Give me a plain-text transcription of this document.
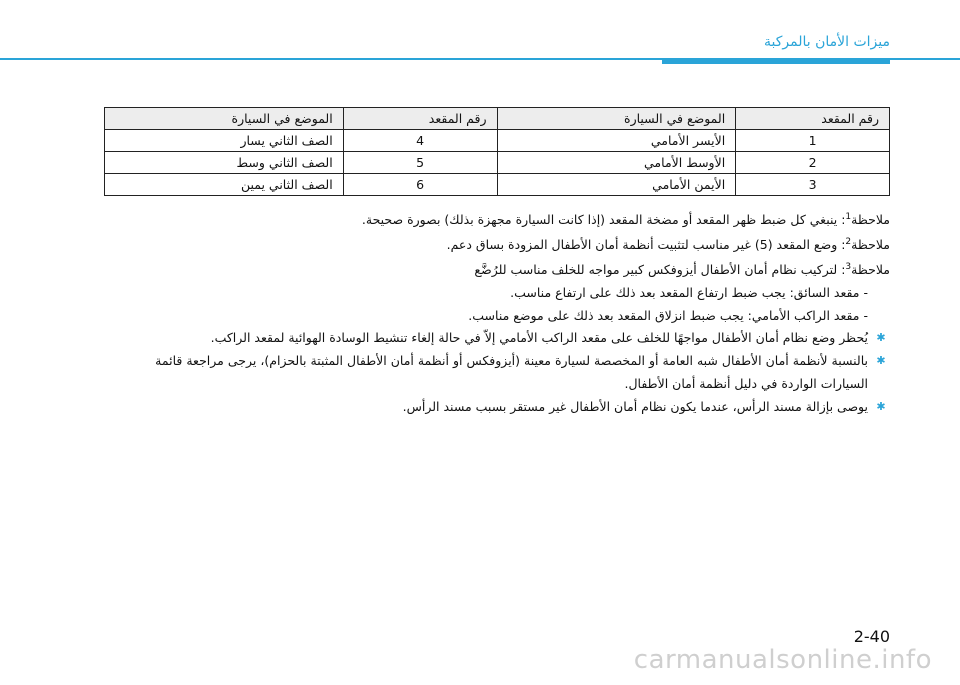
ميزات الأمان بالمركبة
رقم المقعد	الموضع في السيارة	رقم المقعد	الموضع في السيارة
1	الأيسر الأمامي	4	الصف الثاني يسار
2	الأوسط الأمامي	5	الصف الثاني وسط
3	الأيمن الأمامي	6	الصف الثاني يمين
ملاحظة$^1$: ينبغي كل ضبط ظهر المقعد أو مضخة المقعد (إذا كانت السيارة مجهزة بذلك) بصورة صحيحة.
ملاحظة$^2$: وضع المقعد (5) غير مناسب لتثبيت أنظمة أمان الأطفال المزودة بساق دعم.
ملاحظة$^3$: لتركيب نظام أمان الأطفال أيزوفكس كبير مواجه للخلف مناسب للرُضَّع
- مقعد السائق: يجب ضبط ارتفاع المقعد بعد ذلك على ارتفاع مناسب.
- مقعد الراكب الأمامي: يجب ضبط انزلاق المقعد بعد ذلك على موضع مناسب.
✱
يُحظر وضع نظام أمان الأطفال مواجهًا للخلف على مقعد الراكب الأمامي إلاّ في حالة إلغاء تنشيط الوسادة الهوائية لمقعد الراكب.
✱
بالنسبة لأنظمة أمان الأطفال شبه العامة أو المخصصة لسيارة معينة (أيزوفكس أو أنظمة أمان الأطفال المثبتة بالحزام)، يرجى مراجعة قائمة السيارات الواردة في دليل أنظمة أمان الأطفال.
✱
يوصى بإزالة مسند الرأس، عندما يكون نظام أمان الأطفال غير مستقر بسبب مسند الرأس.
2-40
carmanualsonline.info
